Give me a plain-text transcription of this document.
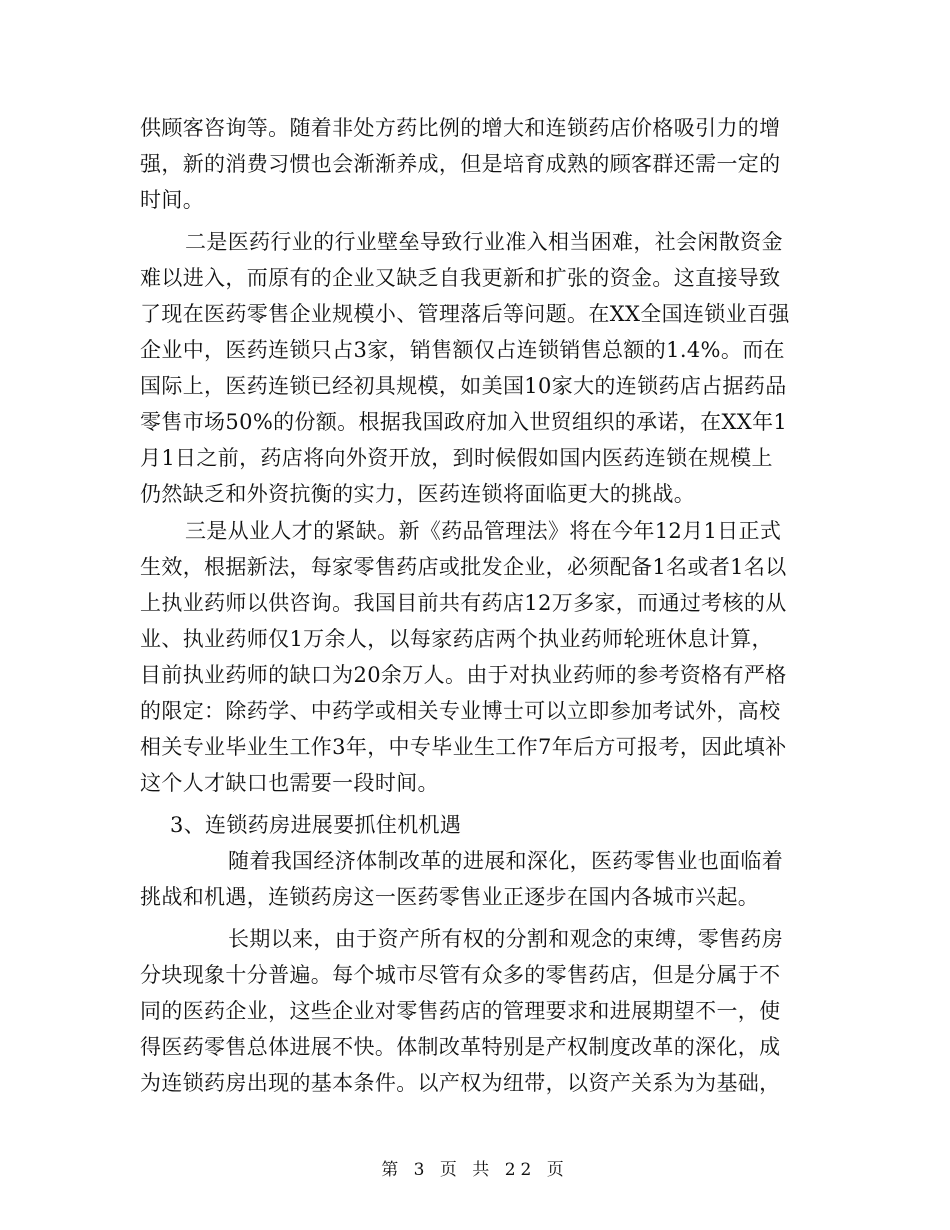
供顾客咨询等。随着非处方药比例的增大和连锁药店价格吸引力的增
强，新的消费习惯也会渐渐养成，但是培育成熟的顾客群还需一定的
时间。
二是医药行业的行业壁垒导致行业准入相当困难，社会闲散资金
难以进入，而原有的企业又缺乏自我更新和扩张的资金。这直接导致
了现在医药零售企业规模小、管理落后等问题。在XX全国连锁业百强
企业中，医药连锁只占3家，销售额仅占连锁销售总额的1.4%。而在
国际上，医药连锁已经初具规模，如美国10家大的连锁药店占据药品
零售市场50%的份额。根据我国政府加入世贸组织的承诺，在XX年1
月1日之前，药店将向外资开放，到时候假如国内医药连锁在规模上
仍然缺乏和外资抗衡的实力，医药连锁将面临更大的挑战。
三是从业人才的紧缺。新《药品管理法》将在今年12月1日正式
生效，根据新法，每家零售药店或批发企业，必须配备1名或者1名以
上执业药师以供咨询。我国目前共有药店12万多家，而通过考核的从
业、执业药师仅1万余人，以每家药店两个执业药师轮班休息计算，
目前执业药师的缺口为20余万人。由于对执业药师的参考资格有严格
的限定：除药学、中药学或相关专业博士可以立即参加考试外，高校
相关专业毕业生工作3年，中专毕业生工作7年后方可报考，因此填补
这个人才缺口也需要一段时间。
3、连锁药房进展要抓住机机遇
随着我国经济体制改革的进展和深化，医药零售业也面临着
挑战和机遇，连锁药房这一医药零售业正逐步在国内各城市兴起。
长期以来，由于资产所有权的分割和观念的束缚，零售药房
分块现象十分普遍。每个城市尽管有众多的零售药店，但是分属于不
同的医药企业，这些企业对零售药店的管理要求和进展期望不一，使
得医药零售总体进展不快。体制改革特别是产权制度改革的深化，成
为连锁药房出现的基本条件。以产权为纽带，以资产关系为为基础，
第 3 页 共 22 页
